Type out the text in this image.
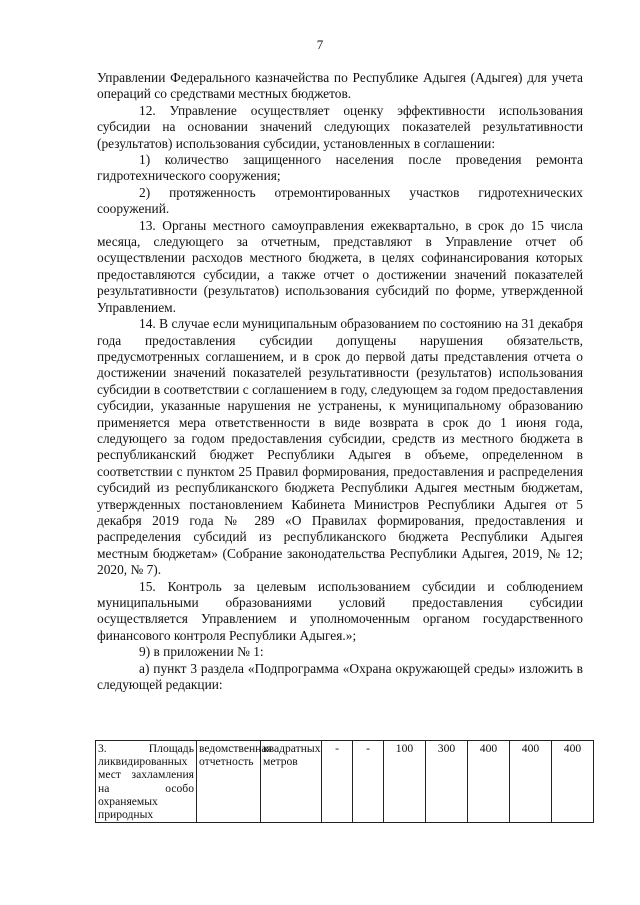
7

Управлении Федерального казначейства по Республике Адыгея (Адыгея) для учета операций со средствами местных бюджетов.

12. Управление осуществляет оценку эффективности использования субсидии на основании значений следующих показателей результативности (результатов) использования субсидии, установленных в соглашении:

1) количество защищенного населения после проведения ремонта гидротехнического сооружения;

2) протяженность отремонтированных участков гидротехнических сооружений.

13. Органы местного самоуправления ежеквартально, в срок до 15 числа месяца, следующего за отчетным, представляют в Управление отчет об осуществлении расходов местного бюджета, в целях софинансирования которых предоставляются субсидии, а также отчет о достижении значений показателей результативности (результатов) использования субсидий по форме, утвержденной Управлением.

14. В случае если муниципальным образованием по состоянию на 31 декабря года предоставления субсидии допущены нарушения обязательств, предусмотренных соглашением, и в срок до первой даты представления отчета о достижении значений показателей результативности (результатов) использования субсидии в соответствии с соглашением в году, следующем за годом предоставления субсидии, указанные нарушения не устранены, к муниципальному образованию применяется мера ответственности в виде возврата в срок до 1 июня года, следующего за годом предоставления субсидии, средств из местного бюджета в республиканский бюджет Республики Адыгея в объеме, определенном в соответствии с пунктом 25 Правил формирования, предоставления и распределения субсидий из республиканского бюджета Республики Адыгея местным бюджетам, утвержденных постановлением Кабинета Министров Республики Адыгея от 5 декабря 2019 года № 289 «О Правилах формирования, предоставления и распределения субсидий из республиканского бюджета Республики Адыгея местным бюджетам» (Собрание законодательства Республики Адыгея, 2019, № 12; 2020, № 7).

15. Контроль за целевым использованием субсидии и соблюдением муниципальными образованиями условий предоставления субсидии осуществляется Управлением и уполномоченным органом государственного финансового контроля Республики Адыгея.»;

9) в приложении № 1:

а) пункт 3 раздела «Подпрограмма «Охрана окружающей среды» изложить в следующей редакции:

3. Площадь ликвидированных мест захламления на особо охраняемых природных	ведомственная отчетность	квадратных метров	-	-	100	300	400	400	400
